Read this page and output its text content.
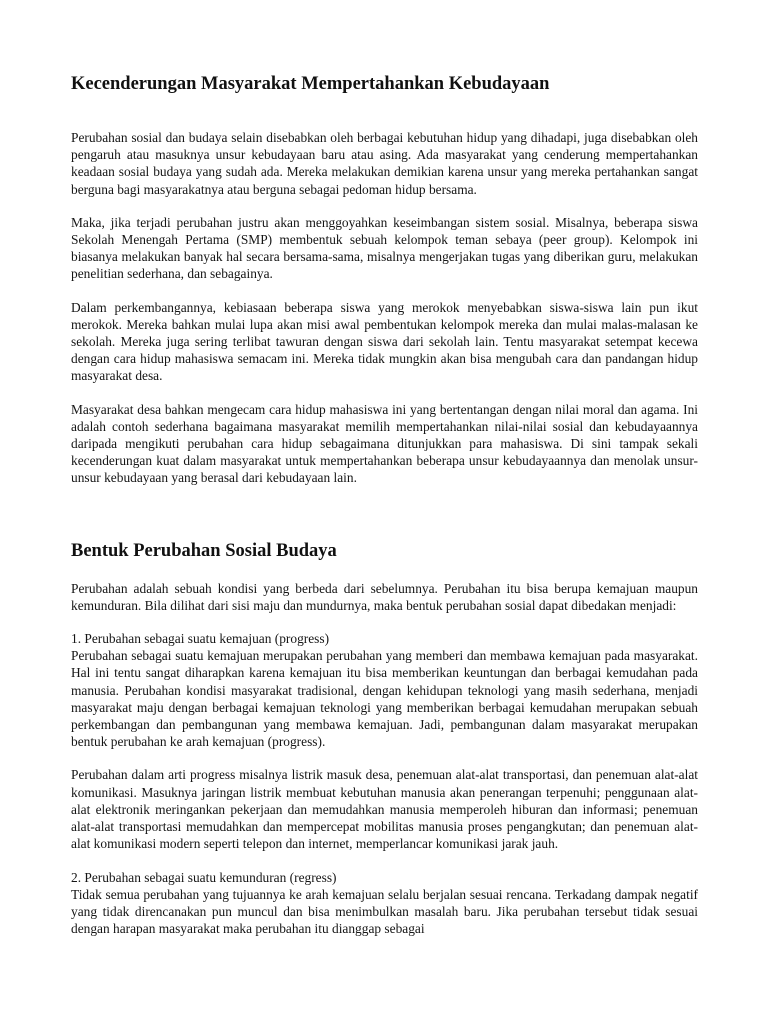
Kecenderungan Masyarakat Mempertahankan Kebudayaan

Perubahan sosial dan budaya selain disebabkan oleh berbagai kebutuhan hidup yang dihadapi, juga disebabkan oleh pengaruh atau masuknya unsur kebudayaan baru atau asing. Ada masyarakat yang cenderung mempertahankan keadaan sosial budaya yang sudah ada. Mereka melakukan demikian karena unsur yang mereka pertahankan sangat berguna bagi masyarakatnya atau berguna sebagai pedoman hidup bersama.

Maka, jika terjadi perubahan justru akan menggoyahkan keseimbangan sistem sosial. Misalnya, beberapa siswa Sekolah Menengah Pertama (SMP) membentuk sebuah kelompok teman sebaya (peer group). Kelompok ini biasanya melakukan banyak hal secara bersama-sama, misalnya mengerjakan tugas yang diberikan guru, melakukan penelitian sederhana, dan sebagainya.

Dalam perkembangannya, kebiasaan beberapa siswa yang merokok menyebabkan siswa-siswa lain pun ikut merokok. Mereka bahkan mulai lupa akan misi awal pembentukan kelompok mereka dan mulai malas-malasan ke sekolah. Mereka juga sering terlibat tawuran dengan siswa dari sekolah lain. Tentu masyarakat setempat kecewa dengan cara hidup mahasiswa semacam ini. Mereka tidak mungkin akan bisa mengubah cara dan pandangan hidup masyarakat desa.

Masyarakat desa bahkan mengecam cara hidup mahasiswa ini yang bertentangan dengan nilai moral dan agama. Ini adalah contoh sederhana bagaimana masyarakat memilih mempertahankan nilai-nilai sosial dan kebudayaannya daripada mengikuti perubahan cara hidup sebagaimana ditunjukkan para mahasiswa. Di sini tampak sekali kecenderungan kuat dalam masyarakat untuk mempertahankan beberapa unsur kebudayaannya dan menolak unsur-unsur kebudayaan yang berasal dari kebudayaan lain.

Bentuk Perubahan Sosial Budaya

Perubahan adalah sebuah kondisi yang berbeda dari sebelumnya. Perubahan itu bisa berupa kemajuan maupun kemunduran. Bila dilihat dari sisi maju dan mundurnya, maka bentuk perubahan sosial dapat dibedakan menjadi:

1. Perubahan sebagai suatu kemajuan (progress)

Perubahan sebagai suatu kemajuan merupakan perubahan yang memberi dan membawa kemajuan pada masyarakat. Hal ini tentu sangat diharapkan karena kemajuan itu bisa memberikan keuntungan dan berbagai kemudahan pada manusia. Perubahan kondisi masyarakat tradisional, dengan kehidupan teknologi yang masih sederhana, menjadi masyarakat maju dengan berbagai kemajuan teknologi yang memberikan berbagai kemudahan merupakan sebuah perkembangan dan pembangunan yang membawa kemajuan. Jadi, pembangunan dalam masyarakat merupakan bentuk perubahan ke arah kemajuan (progress).

Perubahan dalam arti progress misalnya listrik masuk desa, penemuan alat-alat transportasi, dan penemuan alat-alat komunikasi. Masuknya jaringan listrik membuat kebutuhan manusia akan penerangan terpenuhi; penggunaan alat-alat elektronik meringankan pekerjaan dan memudahkan manusia memperoleh hiburan dan informasi; penemuan alat-alat transportasi memudahkan dan mempercepat mobilitas manusia proses pengangkutan; dan penemuan alat-alat komunikasi modern seperti telepon dan internet, memperlancar komunikasi jarak jauh.

2. Perubahan sebagai suatu kemunduran (regress)

Tidak semua perubahan yang tujuannya ke arah kemajuan selalu berjalan sesuai rencana. Terkadang dampak negatif yang tidak direncanakan pun muncul dan bisa menimbulkan masalah baru. Jika perubahan tersebut tidak sesuai dengan harapan masyarakat maka perubahan itu dianggap sebagai
